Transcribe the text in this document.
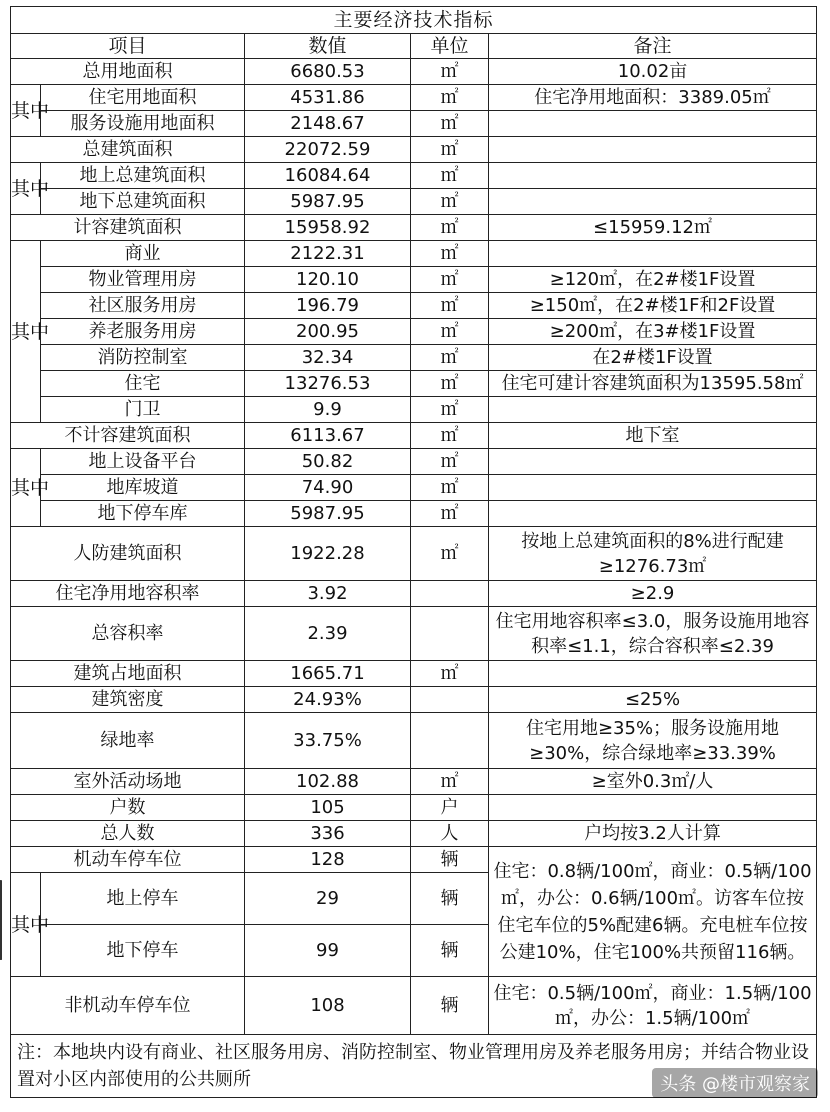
主要经济技术指标				
项目		数值	单位	备注
总用地面积		6680.53	㎡	10.02亩
其中	住宅用地面积	4531.86	㎡	住宅净用地面积：3389.05㎡
	服务设施用地面积	2148.67	㎡	
总建筑面积		22072.59	㎡	
其中	地上总建筑面积	16084.64	㎡	
	地下总建筑面积	5987.95	㎡	
计容建筑面积		15958.92	㎡	≤15959.12㎡
其中	商业	2122.31	㎡	
	物业管理用房	120.10	㎡	≥120㎡，在2#楼1F设置
	社区服务用房	196.79	㎡	≥150㎡，在2#楼1F和2F设置
	养老服务用房	200.95	㎡	≥200㎡，在3#楼1F设置
	消防控制室	32.34	㎡	在2#楼1F设置
	住宅	13276.53	㎡	住宅可建计容建筑面积为13595.58㎡
	门卫	9.9	㎡	
不计容建筑面积		6113.67	㎡	地下室
其中	地上设备平台	50.82	㎡	
	地库坡道	74.90	㎡	
	地下停车库	5987.95	㎡	
人防建筑面积		1922.28	㎡	按地上总建筑面积的8%进行配建≥1276.73㎡
住宅净用地容积率		3.92		≥2.9
总容积率		2.39		住宅用地容积率≤3.0，服务设施用地容积率≤1.1，综合容积率≤2.39
建筑占地面积		1665.71	㎡	
建筑密度		24.93%		≤25%
绿地率		33.75%		住宅用地≥35%；服务设施用地≥30%，综合绿地率≥33.39%
室外活动场地		102.88	㎡	≥室外0.3㎡/人
户数		105	户	
总人数		336	人	户均按3.2人计算
机动车停车位		128	辆	住宅：0.8辆/100㎡，商业：0.5辆/100㎡，办公：0.6辆/100㎡。访客车位按住宅车位的5%配建6辆。充电桩车位按公建10%，住宅100%共预留116辆。
其中	地上停车	29	辆	
	地下停车	99	辆	
非机动车停车位		108	辆	住宅：0.5辆/100㎡，商业：1.5辆/100㎡，办公：1.5辆/100㎡
注：本地块内设有商业、社区服务用房、消防控制室、物业管理用房及养老服务用房；并结合物业设置对小区内部使用的公共厕所					头条 @楼市观察家
